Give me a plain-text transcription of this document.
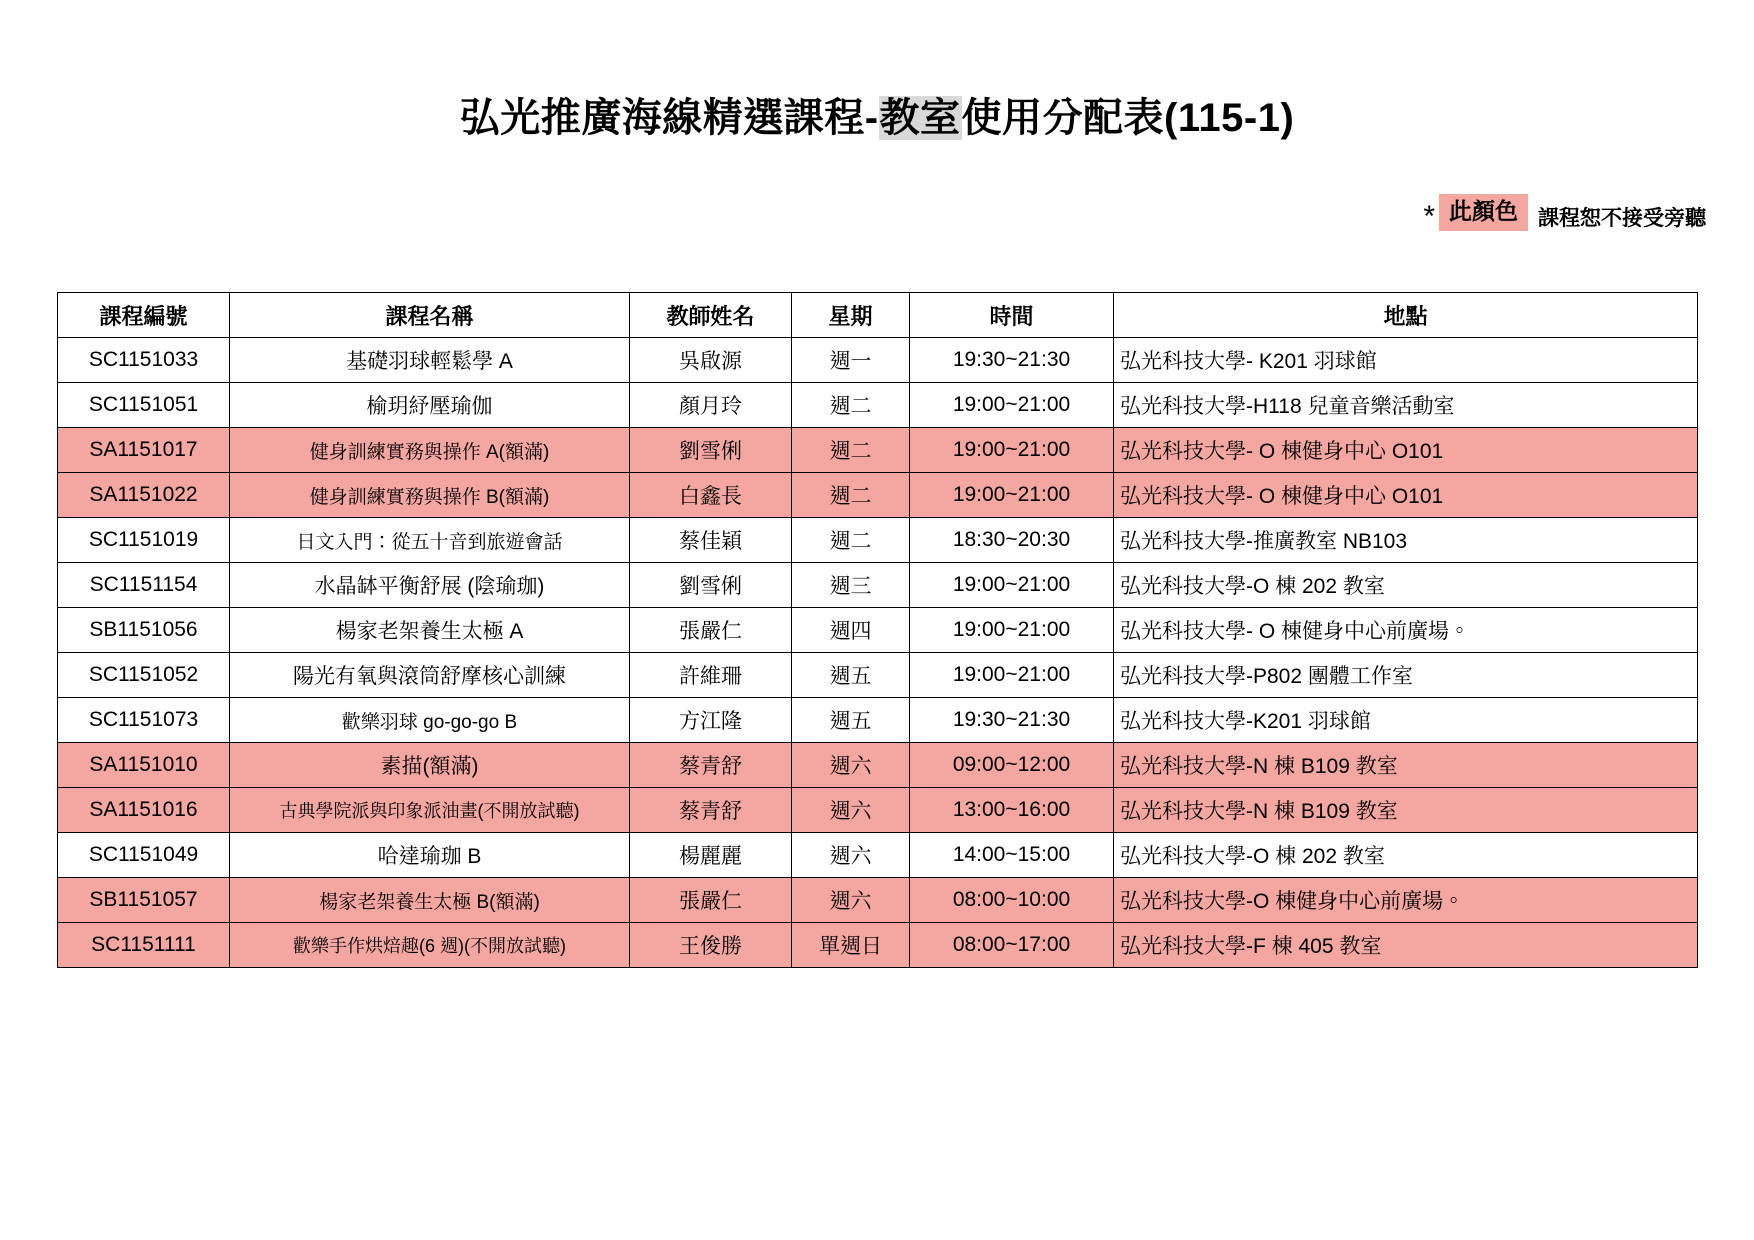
弘光推廣海線精選課程-教室使用分配表(115-1)
* 此顏色 課程恕不接受旁聽
課程編號	課程名稱	教師姓名	星期	時間	地點
SC1151033	基礎羽球輕鬆學 A	吳啟源	週一	19:30~21:30	弘光科技大學- K201 羽球館
SC1151051	榆玥紓壓瑜伽	顏月玲	週二	19:00~21:00	弘光科技大學-H118 兒童音樂活動室
SA1151017	健身訓練實務與操作 A(額滿)	劉雪俐	週二	19:00~21:00	弘光科技大學- O 棟健身中心 O101
SA1151022	健身訓練實務與操作 B(額滿)	白鑫長	週二	19:00~21:00	弘光科技大學- O 棟健身中心 O101
SC1151019	日文入門：從五十音到旅遊會話	蔡佳穎	週二	18:30~20:30	弘光科技大學-推廣教室 NB103
SC1151154	水晶缽平衡舒展 (陰瑜珈)	劉雪俐	週三	19:00~21:00	弘光科技大學-O 棟 202 教室
SB1151056	楊家老架養生太極 A	張嚴仁	週四	19:00~21:00	弘光科技大學- O 棟健身中心前廣場。
SC1151052	陽光有氧與滾筒舒摩核心訓練	許維珊	週五	19:00~21:00	弘光科技大學-P802 團體工作室
SC1151073	歡樂羽球 go-go-go B	方江隆	週五	19:30~21:30	弘光科技大學-K201 羽球館
SA1151010	素描(額滿)	蔡青舒	週六	09:00~12:00	弘光科技大學-N 棟 B109 教室
SA1151016	古典學院派與印象派油畫(不開放試聽)	蔡青舒	週六	13:00~16:00	弘光科技大學-N 棟 B109 教室
SC1151049	哈達瑜珈 B	楊麗麗	週六	14:00~15:00	弘光科技大學-O 棟 202 教室
SB1151057	楊家老架養生太極 B(額滿)	張嚴仁	週六	08:00~10:00	弘光科技大學-O 棟健身中心前廣場。
SC1151111	歡樂手作烘焙趣(6 週)(不開放試聽)	王俊勝	單週日	08:00~17:00	弘光科技大學-F 棟 405 教室
